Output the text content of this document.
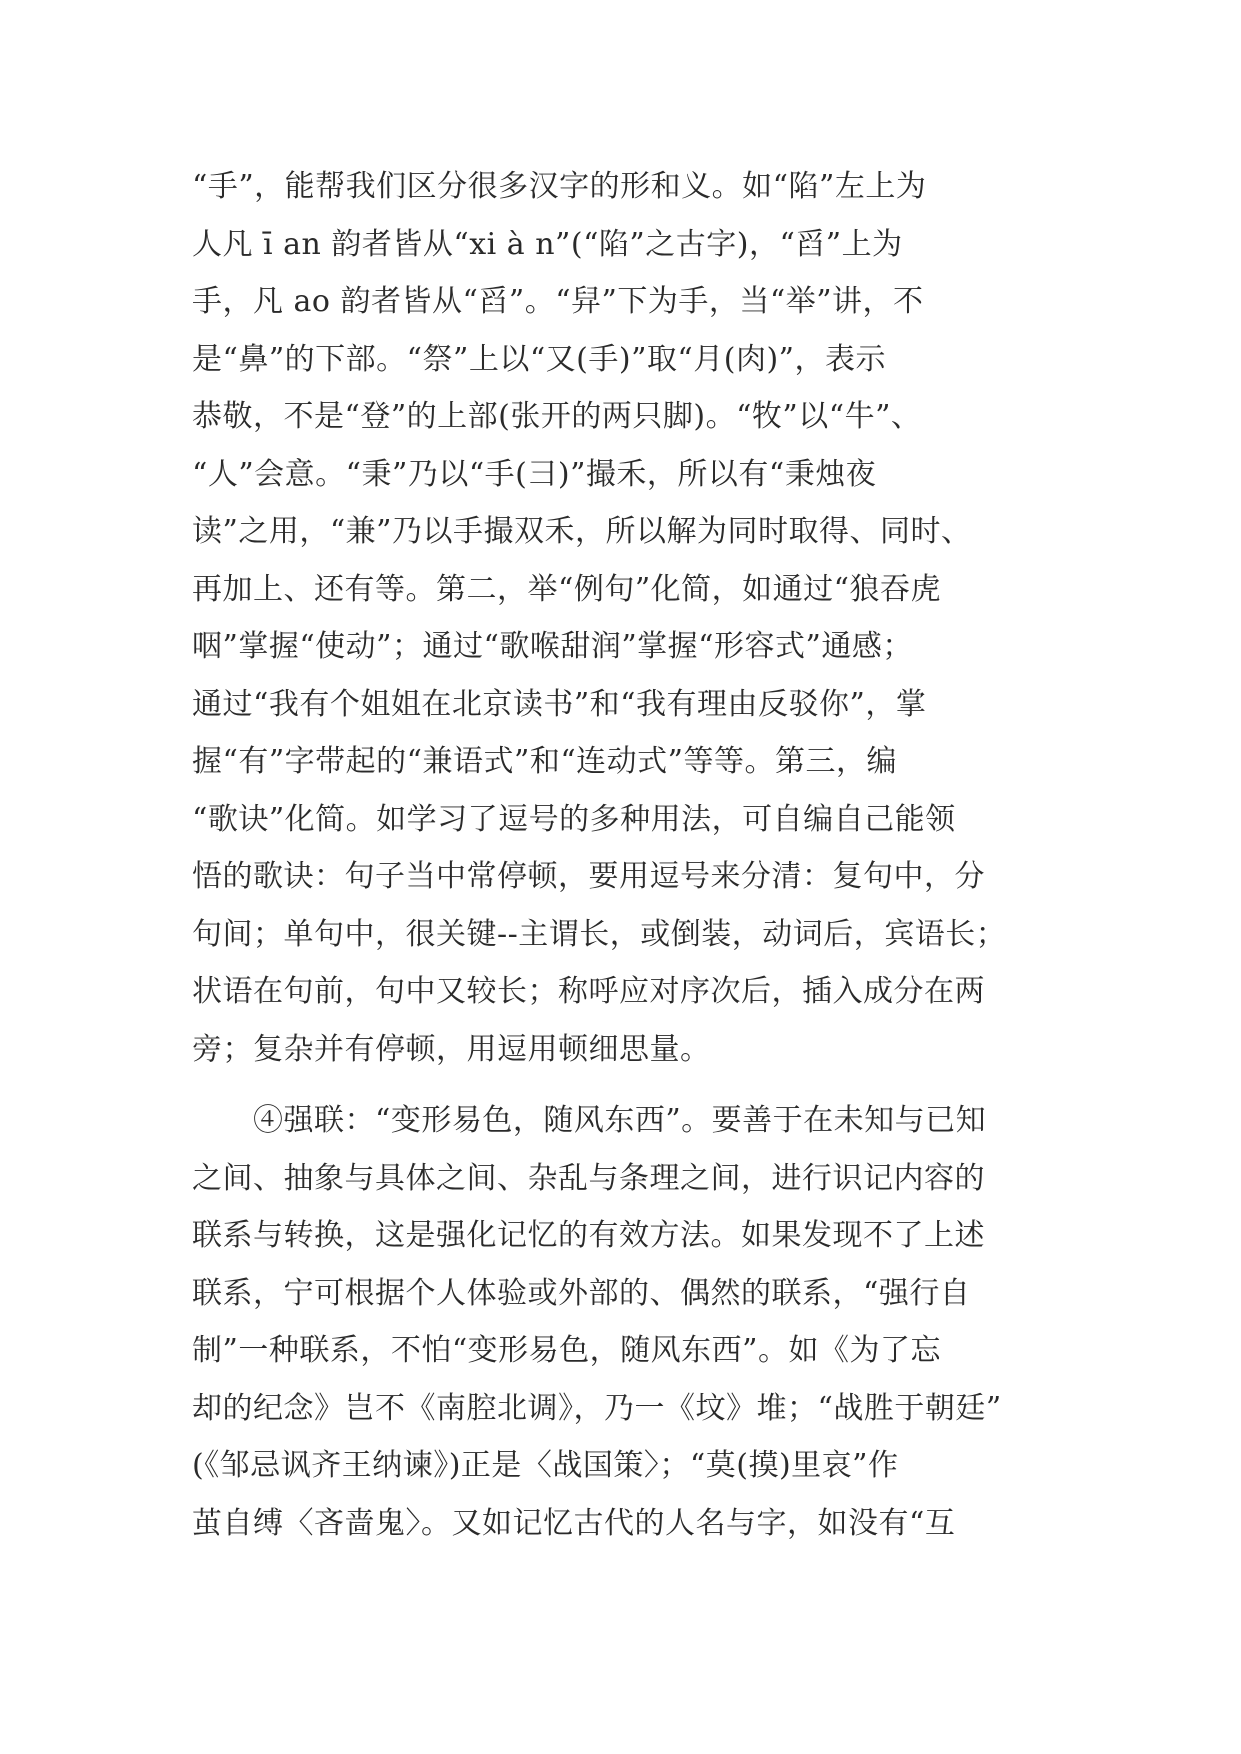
“手”，能帮我们区分很多汉字的形和义。如“陷”左上为
人凡 ī an 韵者皆从“xi à n”(“陷”之古字)，“舀”上为
手，凡 ao 韵者皆从“舀”。“舁”下为手，当“举”讲，不
是“鼻”的下部。“祭”上以“又(手)”取“月(肉)”，表示
恭敬，不是“登”的上部(张开的两只脚)。“牧”以“牛”、
“人”会意。“秉”乃以“手(彐)”撮禾，所以有“秉烛夜
读”之用，“兼”乃以手撮双禾，所以解为同时取得、同时、
再加上、还有等。第二，举“例句”化简，如通过“狼吞虎
咽”掌握“使动”；通过“歌喉甜润”掌握“形容式”通感；
通过“我有个姐姐在北京读书”和“我有理由反驳你”，掌
握“有”字带起的“兼语式”和“连动式”等等。第三，编
“歌诀”化简。如学习了逗号的多种用法，可自编自己能领
悟的歌诀：句子当中常停顿，要用逗号来分清：复句中，分
句间；单句中，很关键--主谓长，或倒装，动词后，宾语长；
状语在句前，句中又较长；称呼应对序次后，插入成分在两
旁；复杂并有停顿，用逗用顿细思量。
　　④强联：“变形易色，随风东西”。要善于在未知与已知
之间、抽象与具体之间、杂乱与条理之间，进行识记内容的
联系与转换，这是强化记忆的有效方法。如果发现不了上述
联系，宁可根据个人体验或外部的、偶然的联系，“强行自
制”一种联系，不怕“变形易色，随风东西”。如《为了忘
却的纪念》岂不《南腔北调》，乃一《坟》堆；“战胜于朝廷”
(《邹忌讽齐王纳谏》)正是〈战国策〉；“莫(摸)里哀”作
茧自缚〈吝啬鬼〉。又如记忆古代的人名与字，如没有“互
